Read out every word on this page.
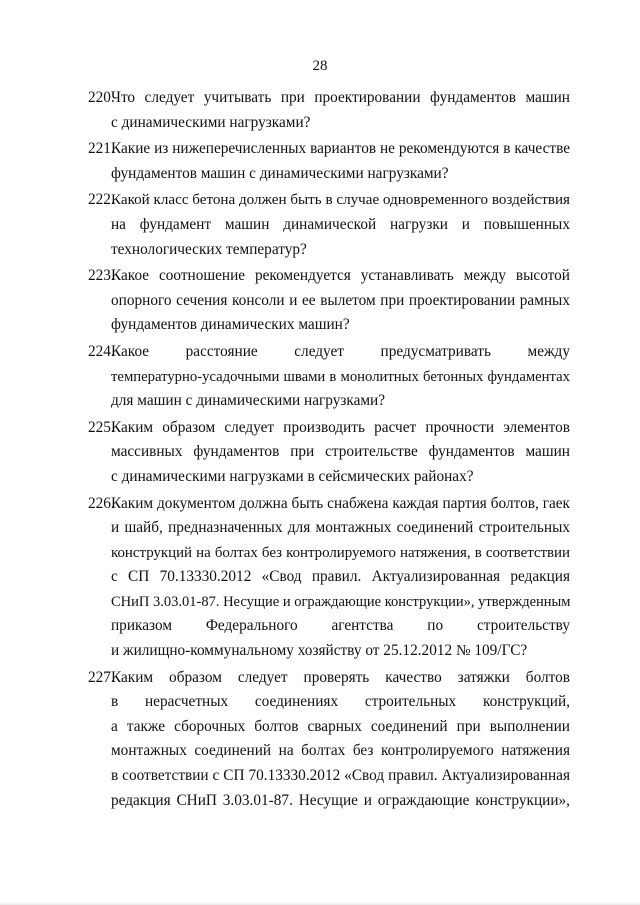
28
220.
Что следует учитывать при проектировании фундаментов машин
с динамическими нагрузками?
221.
Какие из нижеперечисленных вариантов не рекомендуются в качестве
фундаментов машин с динамическими нагрузками?
222.
Какой класс бетона должен быть в случае одновременного воздействия
на фундамент машин динамической нагрузки и повышенных
технологических температур?
223.
Какое соотношение рекомендуется устанавливать между высотой
опорного сечения консоли и ее вылетом при проектировании рамных
фундаментов динамических машин?
224.
Какое расстояние следует предусматривать между
температурно-усадочными швами в монолитных бетонных фундаментах
для машин с динамическими нагрузками?
225.
Каким образом следует производить расчет прочности элементов
массивных фундаментов при строительстве фундаментов машин
с динамическими нагрузками в сейсмических районах?
226.
Каким документом должна быть снабжена каждая партия болтов, гаек
и шайб, предназначенных для монтажных соединений строительных
конструкций на болтах без контролируемого натяжения, в соответствии
с СП 70.13330.2012 «Свод правил. Актуализированная редакция
СНиП 3.03.01-87. Несущие и ограждающие конструкции», утвержденным
приказом Федерального агентства по строительству
и жилищно-коммунальному хозяйству от 25.12.2012 № 109/ГС?
227.
Каким образом следует проверять качество затяжки болтов
в нерасчетных соединениях строительных конструкций,
а также сборочных болтов сварных соединений при выполнении
монтажных соединений на болтах без контролируемого натяжения
в соответствии с СП 70.13330.2012 «Свод правил. Актуализированная
редакция СНиП 3.03.01-87. Несущие и ограждающие конструкции»,
